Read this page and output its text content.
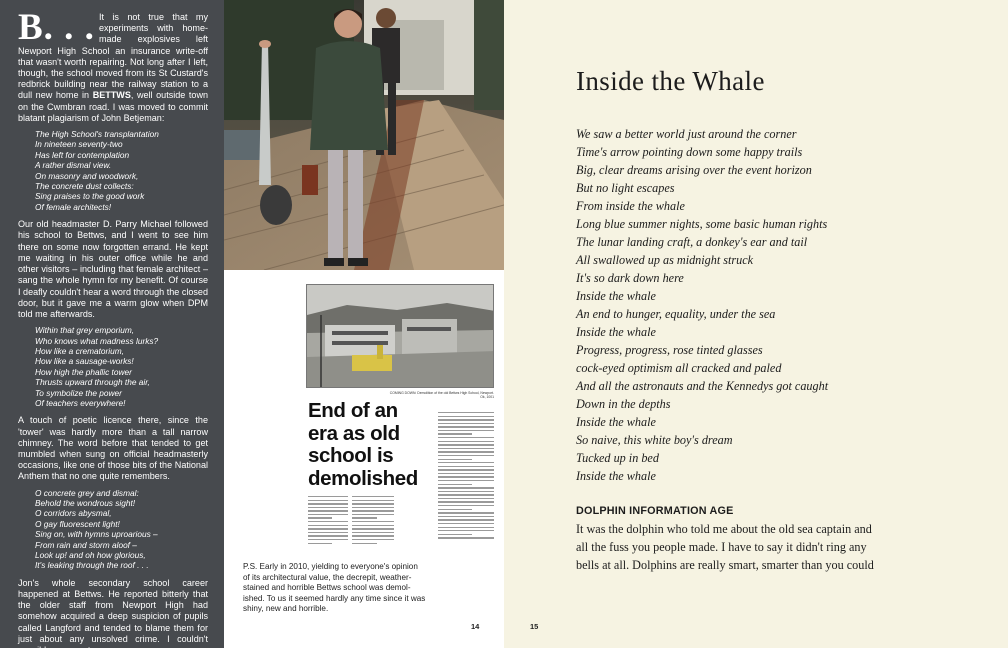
B. . . It is not true that my experiments with home-made explosives left Newport High School an insurance write-off that wasn't worth repairing. Not long after I left, though, the school moved from its St Custard's redbrick building near the railway station to a dull new home in BETTWS, well outside town on the Cwmbran road. I was moved to commit blatant plagiarism of John Betjeman:

The High School's transplantation
In nineteen seventy-two
Has left for contemplation
A rather dismal view.
On masonry and woodwork,
The concrete dust collects:
Sing praises to the good work
Of female architects!

Our old headmaster D. Parry Michael followed his school to Bettws, and I went to see him there on some now forgotten errand. He kept me waiting in his outer office while he and other visitors – including that female architect – sang the whole hymn for my benefit. Of course I deafly couldn't hear a word through the closed door, but it gave me a warm glow when DPM told me afterwards.

Within that grey emporium,
Who knows what madness lurks?
How like a crematorium,
How like a sausage-works!
How high the phallic tower
Thrusts upward through the air,
To symbolize the power
Of teachers everywhere!

A touch of poetic licence there, since the 'tower' was hardly more than a tall narrow chimney. The word before that tended to get mumbled when sung on official headmasterly occasions, like one of those bits of the National Anthem that no one quite remembers.

O concrete grey and dismal:
Behold the wondrous sight!
O corridors abysmal,
O gay fluorescent light!
Sing on, with hymns uproarious –
From rain and storm aloof –
Look up! and oh how glorious,
It's leaking through the roof . . .

Jon's whole secondary school career happened at Bettws. He reported bitterly that the older staff from Newport High had somehow acquired a deep suspicion of pupils called Langford and tended to blame them for just about any unsolved crime. I couldn't possibly comment.

COMING DOWN: Demolition of the old Bettws High School, Newport. Ok, 1001
End of an
era as old
school is
demolished

P.S. Early in 2010, yielding to everyone's opinion
of its architectural value, the decrepit, weather-
stained and horrible Bettws school was demol-
ished. To us it seemed hardly any time since it was
shiny, new and horrible.

14
Inside the Whale
We saw a better world just around the corner
Time's arrow pointing down some happy trails
Big, clear dreams arising over the event horizon
But no light escapes
From inside the whale
Long blue summer nights, some basic human rights
The lunar landing craft, a donkey's ear and tail
All swallowed up as midnight struck
It's so dark down here
Inside the whale
An end to hunger, equality, under the sea
Inside the whale
Progress, progress, rose tinted glasses
cock-eyed optimism all cracked and paled
And all the astronauts and the Kennedys got caught
Down in the depths
Inside the whale
So naive, this white boy's dream
Tucked up in bed
Inside the whale
DOLPHIN INFORMATION AGE
It was the dolphin who told me about the old sea captain and
all the fuss you people made. I have to say it didn't ring any
bells at all. Dolphins are really smart, smarter than you could
15
